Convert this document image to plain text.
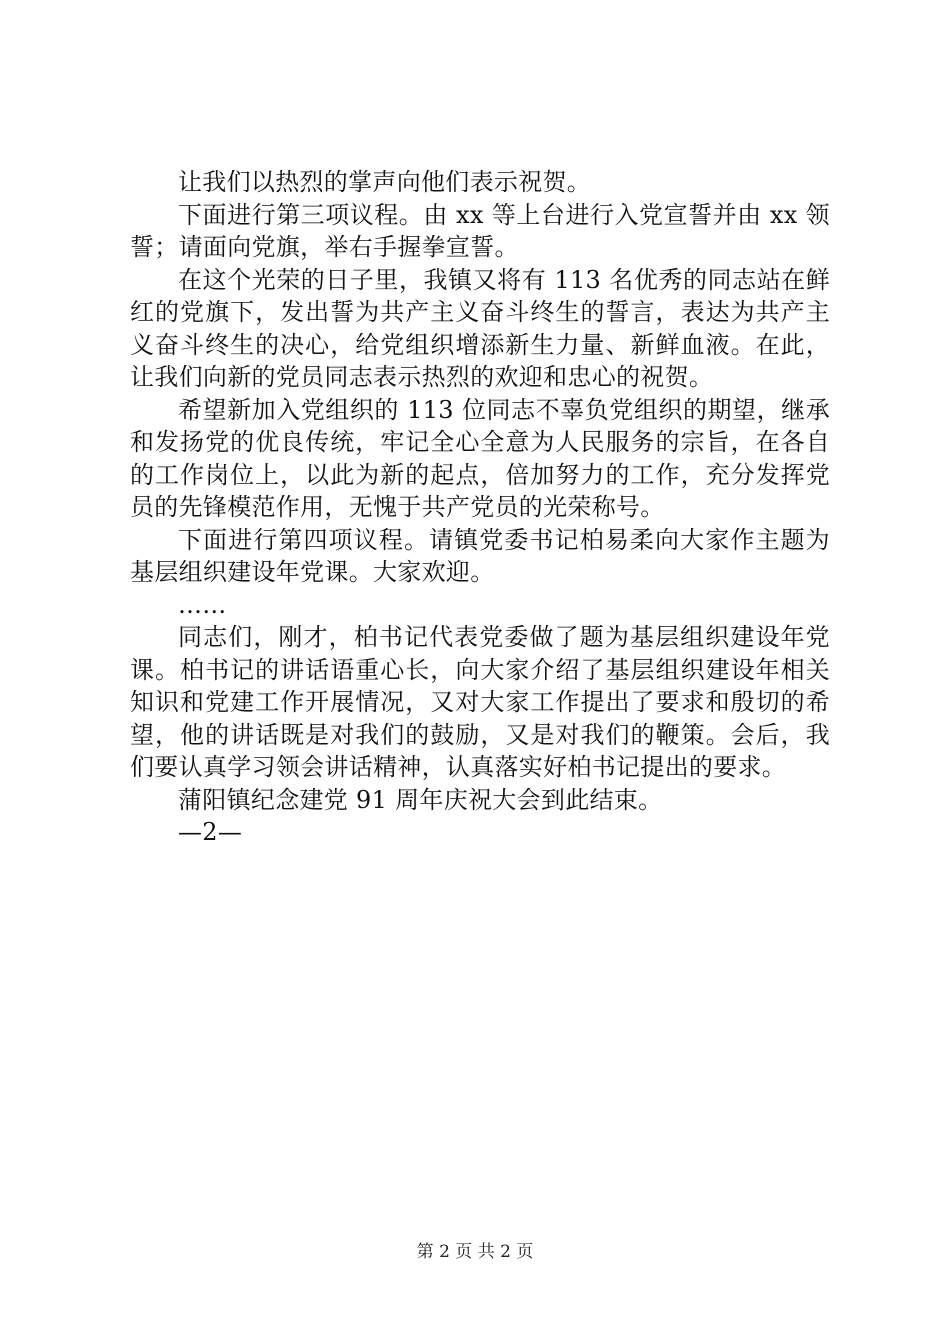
让我们以热烈的掌声向他们表示祝贺。

下面进行第三项议程。由 xx 等上台进行入党宣誓并由 xx 领誓；请面向党旗，举右手握拳宣誓。

在这个光荣的日子里，我镇又将有 113 名优秀的同志站在鲜红的党旗下，发出誓为共产主义奋斗终生的誓言，表达为共产主义奋斗终生的决心，给党组织增添新生力量、新鲜血液。在此，让我们向新的党员同志表示热烈的欢迎和忠心的祝贺。

希望新加入党组织的 113 位同志不辜负党组织的期望，继承和发扬党的优良传统，牢记全心全意为人民服务的宗旨，在各自的工作岗位上，以此为新的起点，倍加努力的工作，充分发挥党员的先锋模范作用，无愧于共产党员的光荣称号。

下面进行第四项议程。请镇党委书记柏易柔向大家作主题为基层组织建设年党课。大家欢迎。

……

同志们，刚才，柏书记代表党委做了题为基层组织建设年党课。柏书记的讲话语重心长，向大家介绍了基层组织建设年相关知识和党建工作开展情况，又对大家工作提出了要求和殷切的希望，他的讲话既是对我们的鼓励，又是对我们的鞭策。会后，我们要认真学习领会讲话精神，认真落实好柏书记提出的要求。

蒲阳镇纪念建党 91 周年庆祝大会到此结束。

—2—

第 2 页 共 2 页
